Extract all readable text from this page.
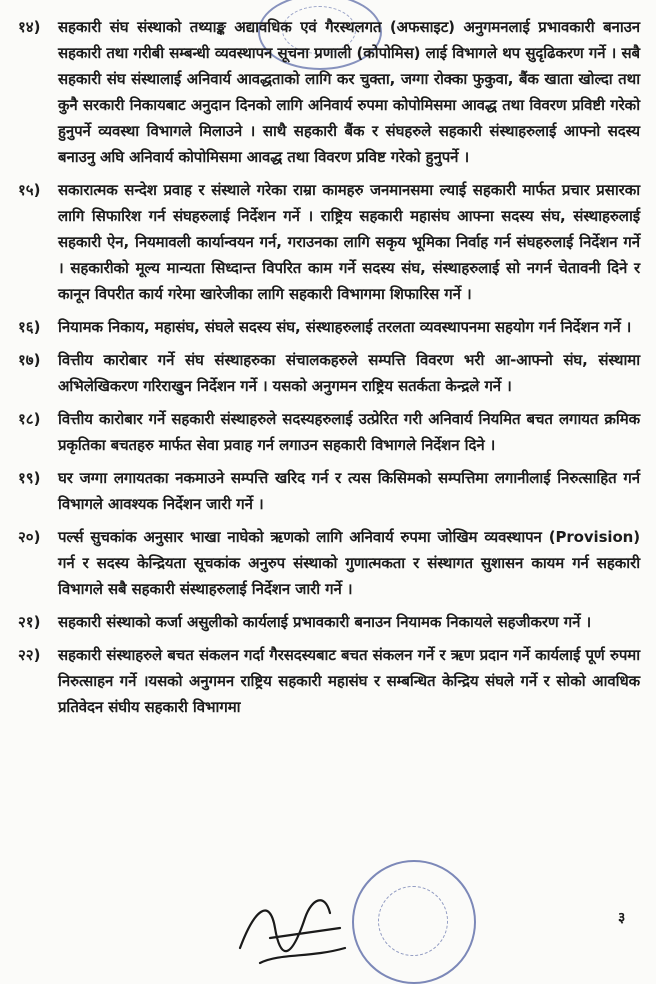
१४)	सहकारी संघ संस्थाको तथ्याङ्क अद्यावधिक एवं गैरस्थलगत (अफसाइट) अनुगमनलाई प्रभावकारी बनाउन सहकारी तथा गरीबी सम्बन्धी व्यवस्थापन सूचना प्रणाली (कोपोमिस) लाई विभागले थप सुदृढिकरण गर्ने । सबै सहकारी संघ संस्थालाई अनिवार्य आवद्धताको लागि कर चुक्ता, जग्गा रोक्का फुकुवा, बैंक खाता खोल्दा तथा कुनै सरकारी निकायबाट अनुदान दिनको लागि अनिवार्य रुपमा कोपोमिसमा आवद्ध तथा विवरण प्रविष्टी गरेको हुनुपर्ने व्यवस्था विभागले मिलाउने । साथै सहकारी बैंक र संघहरुले सहकारी संस्थाहरुलाई आफ्नो सदस्य बनाउनु अघि अनिवार्य कोपोमिसमा आवद्ध तथा विवरण प्रविष्ट गरेको हुनुपर्ने ।
१५)	सकारात्मक सन्देश प्रवाह र संस्थाले गरेका राम्रा कामहरु जनमानसमा ल्याई सहकारी मार्फत प्रचार प्रसारका लागि सिफारिश गर्न संघहरुलाई निर्देशन गर्ने । राष्ट्रिय सहकारी महासंघ आफ्ना सदस्य संघ, संस्थाहरुलाई सहकारी ऐन, नियमावली कार्यान्वयन गर्न, गराउनका लागि सकृय भूमिका निर्वाह गर्न संघहरुलाई निर्देशन गर्ने । सहकारीको मूल्य मान्यता सिध्दान्त विपरित काम गर्ने सदस्य संघ, संस्थाहरुलाई सो नगर्न चेतावनी दिने र कानून विपरीत कार्य गरेमा खारेजीका लागि सहकारी विभागमा शिफारिस गर्ने ।
१६)	नियामक निकाय, महासंघ, संघले सदस्य संघ, संस्थाहरुलाई तरलता व्यवस्थापनमा सहयोग गर्न निर्देशन गर्ने ।
१७)	वित्तीय कारोबार गर्ने संघ संस्थाहरुका संचालकहरुले सम्पत्ति विवरण भरी आ-आफ्नो संघ, संस्थामा अभिलेखिकरण गरिराखुन निर्देशन गर्ने । यसको अनुगमन राष्ट्रिय सतर्कता केन्द्रले गर्ने ।
१८)	वित्तीय कारोबार गर्ने सहकारी संस्थाहरुले सदस्यहरुलाई उत्प्रेरित गरी अनिवार्य नियमित बचत लगायत क्रमिक प्रकृतिका बचतहरु मार्फत सेवा प्रवाह गर्न लगाउन सहकारी विभागले निर्देशन दिने ।
१९)	घर जग्गा लगायतका नकमाउने सम्पत्ति खरिद गर्न र त्यस किसिमको सम्पत्तिमा लगानीलाई निरुत्साहित गर्न विभागले आवश्यक निर्देशन जारी गर्ने ।
२०)	पर्ल्स सुचकांक अनुसार भाखा नाघेको ऋणको लागि अनिवार्य रुपमा जोखिम व्यवस्थापन (Provision) गर्न र सदस्य केन्द्रियता सूचकांक अनुरुप संस्थाको गुणात्मकता र संस्थागत सुशासन कायम गर्न सहकारी विभागले सबै सहकारी संस्थाहरुलाई निर्देशन जारी गर्ने ।
२१)	सहकारी संस्थाको कर्जा असुलीको कार्यलाई प्रभावकारी बनाउन नियामक निकायले सहजीकरण गर्ने ।
२२)	सहकारी संस्थाहरुले बचत संकलन गर्दा गैरसदस्यबाट बचत संकलन गर्ने र ऋण प्रदान गर्ने कार्यलाई पूर्ण रुपमा निरुत्साहन गर्ने ।यसको अनुगमन राष्ट्रिय सहकारी महासंघ र सम्बन्धित केन्द्रिय संघले गर्ने र सोको आवधिक प्रतिवेदन संघीय सहकारी विभागमा
३
